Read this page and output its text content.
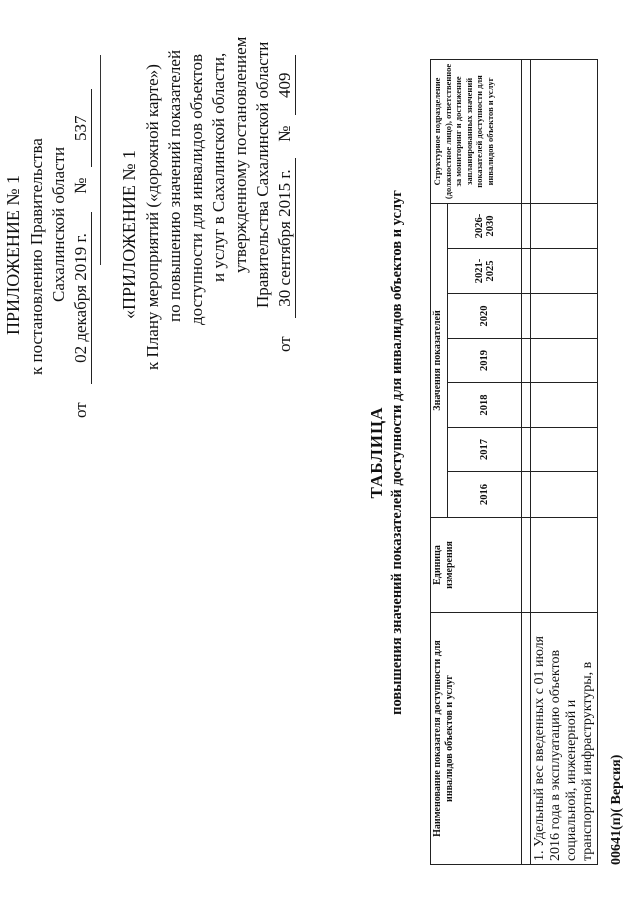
ПРИЛОЖЕНИЕ № 1 к постановлению Правительства Сахалинской области
от 02 декабря 2019 г. № 537
«ПРИЛОЖЕНИЕ № 1 к Плану мероприятий («дорожной карте») по повышению значений показателей доступности для инвалидов объектов и услуг в Сахалинской области, утвержденному постановлением Правительства Сахалинской области
от 30 сентября 2015 г. № 409
ТАБЛИЦА повышения значений показателей доступности для инвалидов объектов и услуг
Наименование показателя доступности для инвалидов объектов и услуг	Единица измерения	Значения показателей							Структурное подразделение (должностное лицо), ответственное за мониторинг и достижение запланированных значений показателей доступности для инвалидов объектов и услуг
		2016	2017	2018	2019	2020	2021-2025	2026-2030	

1. Удельный вес введенных с 01 июля 2016 года в эксплуатацию объектов социальной, инженерной и транспортной инфраструктуры, в									00641(п)( Версия)
